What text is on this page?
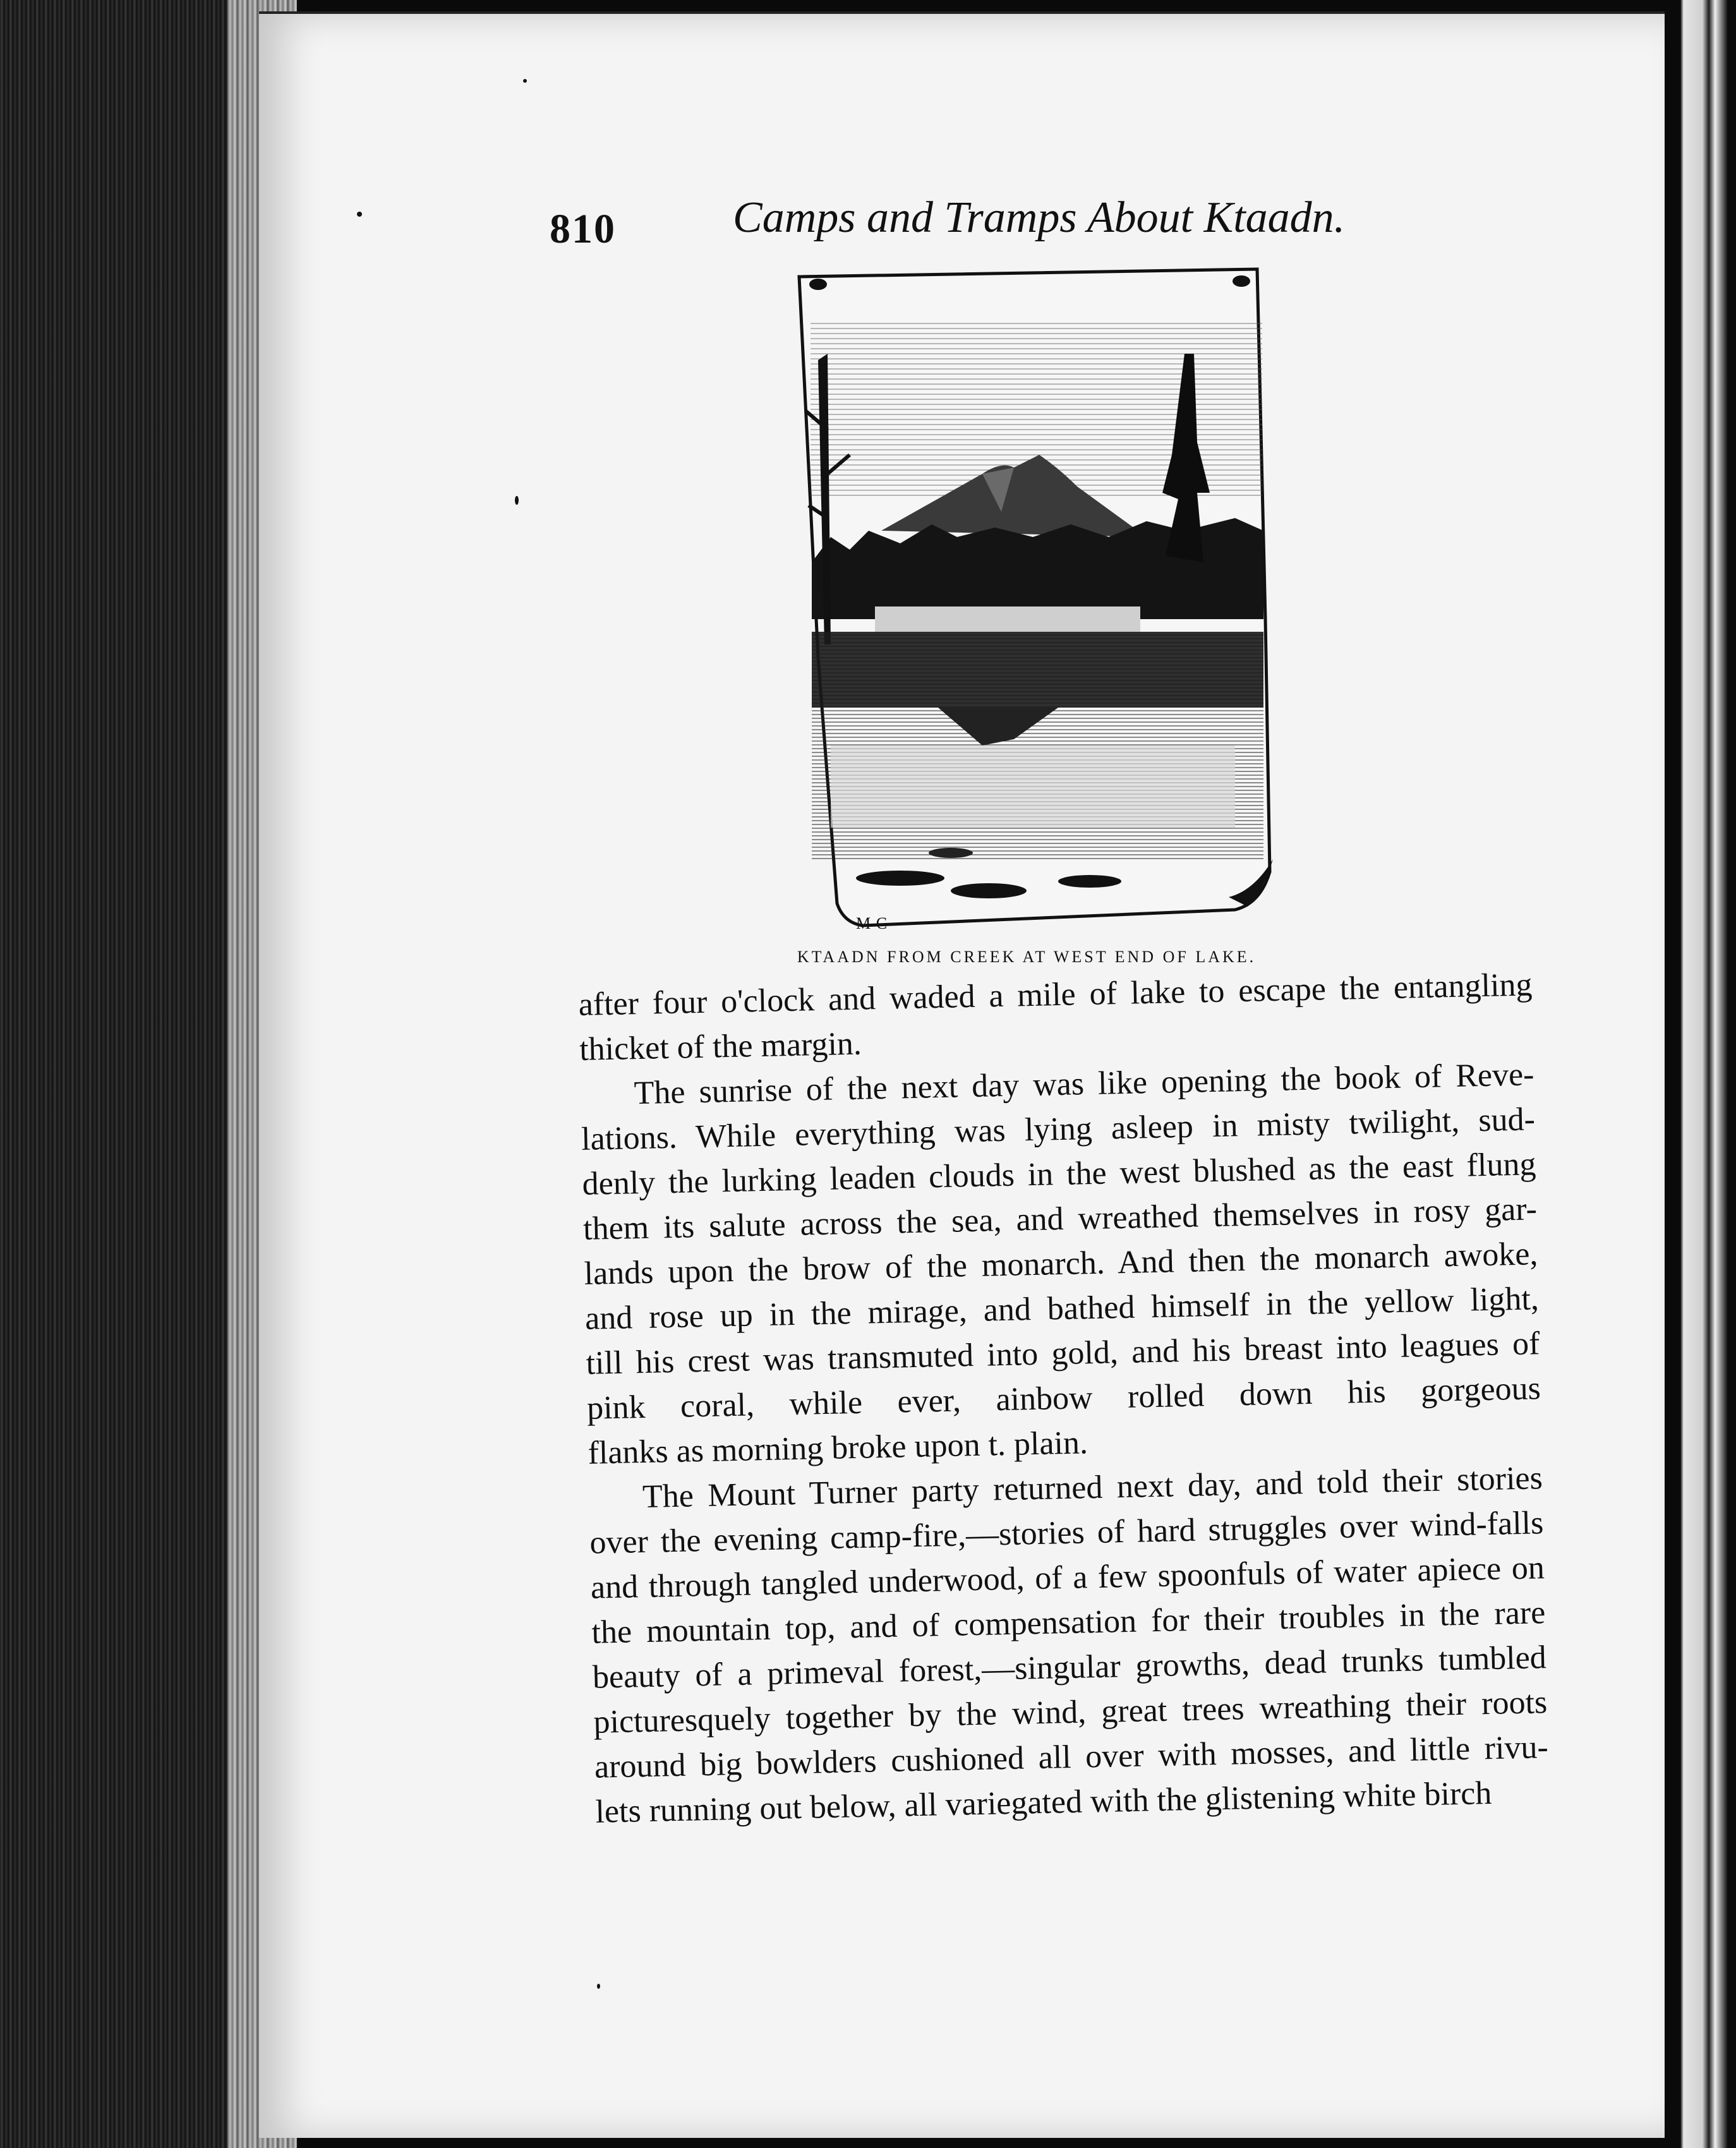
810	Camps and Tramps About Ktaadn.
M-C
KTAADN FROM CREEK AT WEST END OF LAKE.

after four o'clock and waded a mile of lake to escape the entangling

thicket of the margin.

The sunrise of the next day was like opening the book of Reve-

lations. While everything was lying asleep in misty twilight, sud-

denly the lurking leaden clouds in the west blushed as the east flung

them its salute across the sea, and wreathed themselves in rosy gar-

lands upon the brow of the monarch. And then the monarch awoke,

and rose up in the mirage, and bathed himself in the yellow light,

till his crest was transmuted into gold, and his breast into leagues of

pink coral, while ever, ainbow rolled down his gorgeous

flanks as morning broke upon t. plain.

The Mount Turner party returned next day, and told their stories

over the evening camp-fire,—stories of hard struggles over wind-falls

and through tangled underwood, of a few spoonfuls of water apiece on

the mountain top, and of compensation for their troubles in the rare

beauty of a primeval forest,—singular growths, dead trunks tumbled

picturesquely together by the wind, great trees wreathing their roots

around big bowlders cushioned all over with mosses, and little rivu-

lets running out below, all variegated with the glistening white birch
